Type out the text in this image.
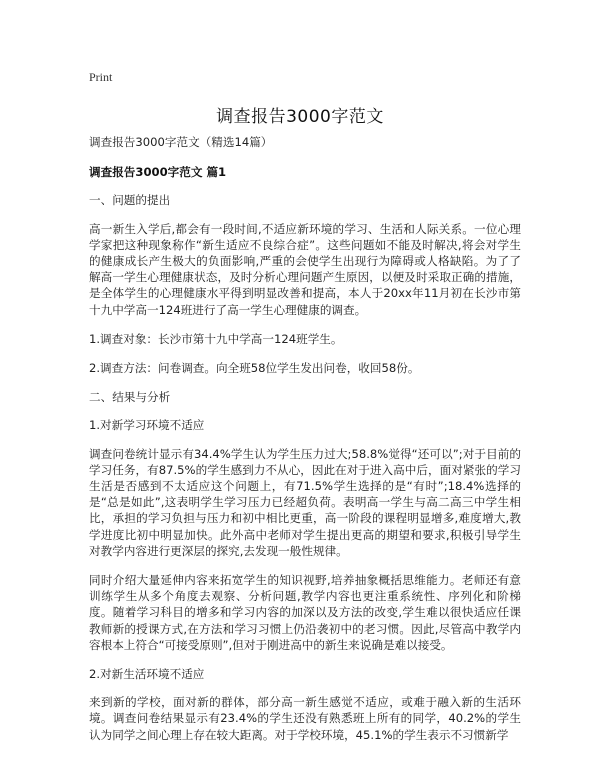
Print
调查报告3000字范文

调查报告3000字范文（精选14篇）

调查报告3000字范文 篇1
一、问题的提出

高一新生入学后,都会有一段时间,不适应新环境的学习、生活和人际关系。一位心理学家把这种现象称作“新生适应不良综合症”。这些问题如不能及时解决,将会对学生的健康成长产生极大的负面影响,严重的会使学生出现行为障碍或人格缺陷。为了了解高一学生心理健康状态，及时分析心理问题产生原因，以便及时采取正确的措施，是全体学生的心理健康水平得到明显改善和提高，本人于20xx年11月初在长沙市第十九中学高一124班进行了高一学生心理健康的调查。

1.调查对象：长沙市第十九中学高一124班学生。

2.调查方法：问卷调查。向全班58位学生发出问卷，收回58份。

二、结果与分析
1.对新学习环境不适应

调查问卷统计显示有34.4%学生认为学生压力过大;58.8%觉得“还可以”;对于目前的学习任务，有87.5%的学生感到力不从心，因此在对于进入高中后，面对紧张的学习生活是否感到不太适应这个问题上，有71.5%学生选择的是“有时”;18.4%选择的是“总是如此”,这表明学生学习压力已经超负荷。表明高一学生与高二高三中学生相比，承担的学习负担与压力和初中相比更重，高一阶段的课程明显增多,难度增大,教学进度比初中明显加快。此外高中老师对学生提出更高的期望和要求,积极引导学生对教学内容进行更深层的探究,去发现一般性规律。

同时介绍大量延伸内容来拓宽学生的知识视野,培养抽象概括思维能力。老师还有意训练学生从多个角度去观察、分析问题,教学内容也更注重系统性、序列化和阶梯度。随着学习科目的增多和学习内容的加深以及方法的改变,学生难以很快适应任课教师新的授课方式,在方法和学习习惯上仍沿袭初中的老习惯。因此,尽管高中教学内容根本上符合“可接受原则”,但对于刚进高中的新生来说确是难以接受。

2.对新生活环境不适应

来到新的学校，面对新的群体，部分高一新生感觉不适应，或难于融入新的生活环境。调查问卷结果显示有23.4%的学生还没有熟悉班上所有的同学，40.2%的学生认为同学之间心理上存在较大距离。对于学校环境，45.1%的学生表示不习惯新学
